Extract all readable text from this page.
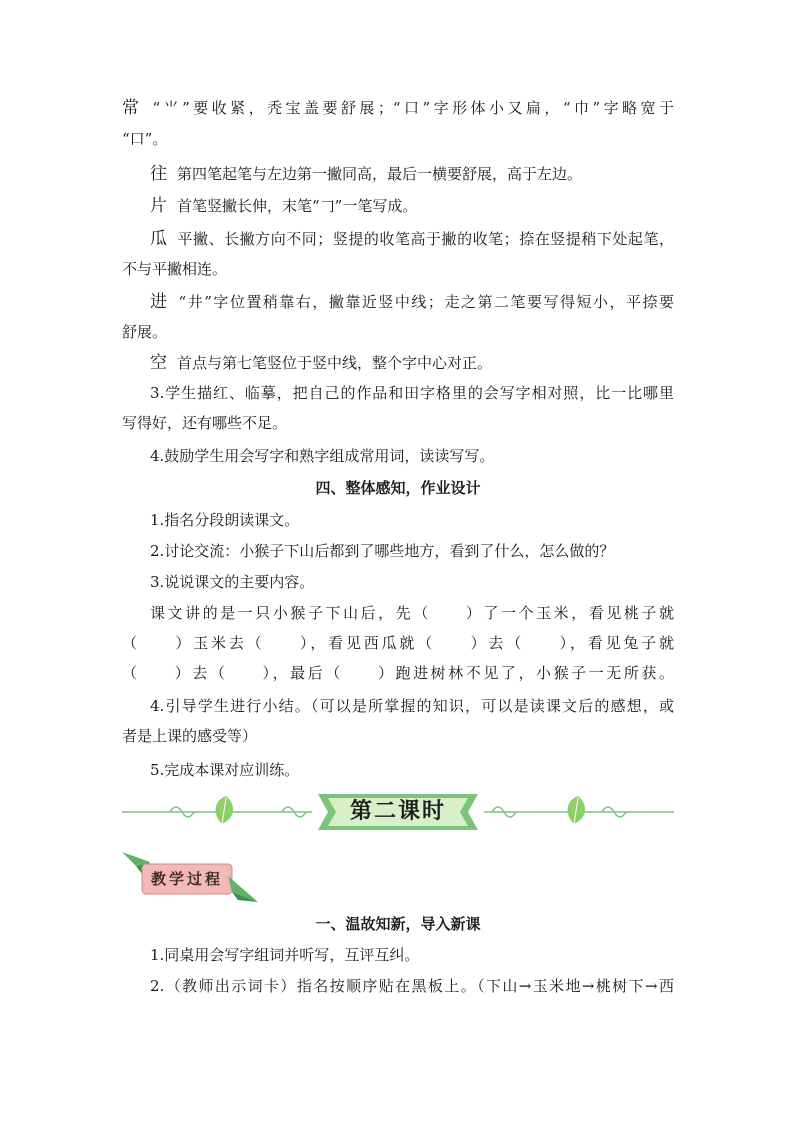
常 “⺌”要收紧，秃宝盖要舒展；“口”字形体小又扁，“巾”字略宽于
“口”。
往 第四笔起笔与左边第一撇同高，最后一横要舒展，高于左边。
片 首笔竖撇长伸，末笔“𠃌”一笔写成。
瓜 平撇、长撇方向不同；竖提的收笔高于撇的收笔；捺在竖提稍下处起笔，
不与平撇相连。
进 “井”字位置稍靠右，撇靠近竖中线；走之第二笔要写得短小，平捺要
舒展。
空 首点与第七笔竖位于竖中线，整个字中心对正。
3.学生描红、临摹，把自己的作品和田字格里的会写字相对照，比一比哪里
写得好，还有哪些不足。
4.鼓励学生用会写字和熟字组成常用词，读读写写。
四、整体感知，作业设计
1.指名分段朗读课文。
2.讨论交流：小猴子下山后都到了哪些地方，看到了什么，怎么做的？
3.说说课文的主要内容。
课文讲的是一只小猴子下山后，先（　　）了一个玉米，看见桃子就
（　　）玉米去（　　），看见西瓜就（　　）去（　　），看见兔子就
（　　）去（　　），最后（　　）跑进树林不见了，小猴子一无所获。
4.引导学生进行小结。（可以是所掌握的知识，可以是读课文后的感想，或
者是上课的感受等）
5.完成本课对应训练。
第二课时
教学过程
一、温故知新，导入新课
1.同桌用会写字组词并听写，互评互纠。
2.（教师出示词卡）指名按顺序贴在黑板上。（下山→玉米地→桃树下→西
